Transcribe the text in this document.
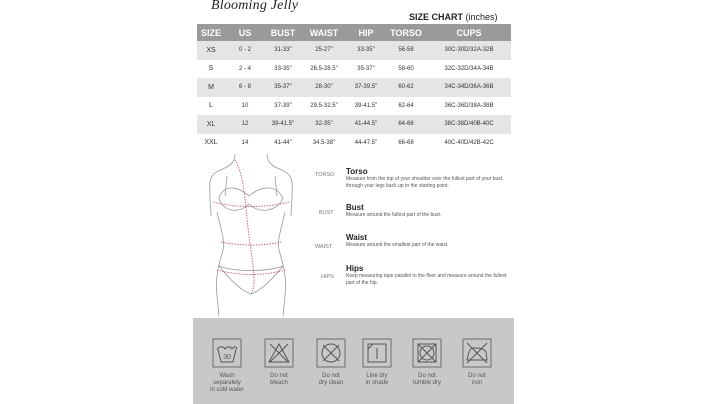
Blooming Jelly
SIZE CHART (inches)
SIZE	US	BUST	WAIST	HIP	TORSO	CUPS
XS	0 - 2	31-33"	25-27"	33-35"	56-58	30C-30D/32A-32B
S	2 - 4	33-35"	26.5-28.5"	35-37"	58-60	32C-32D/34A-34B
M	6 - 8	35-37"	28-30"	37-39.5"	60-62	34C-34D/36A-36B
L	10	37-39"	29.5-32.5"	39-41.5"	62-64	36C-36D/38A-38B
XL	12	39-41.5"	32-35"	41-44.5"	64-66	38C-38D/40B-40C
XXL	14	41-44"	34.5-38"	44-47.5"	66-68	40C-40D/42B-42C
TORSO
BUST
WAIST
HIPS
Torso
Measure from the top of your shoulder over the fullest part of your bust, through your legs back up to the starting point.
Bust
Measure around the fullest part of the bust.
Waist
Measure around the smallest part of the waist.
Hips
Keep measuring tape parallel to the floor and measure around the fullest part of the hip.
30
Wash separately
in cold water
Do not
bleach
Do not
dry clean
Line dry
in shade
Do not
tumble dry
Do not
iron
